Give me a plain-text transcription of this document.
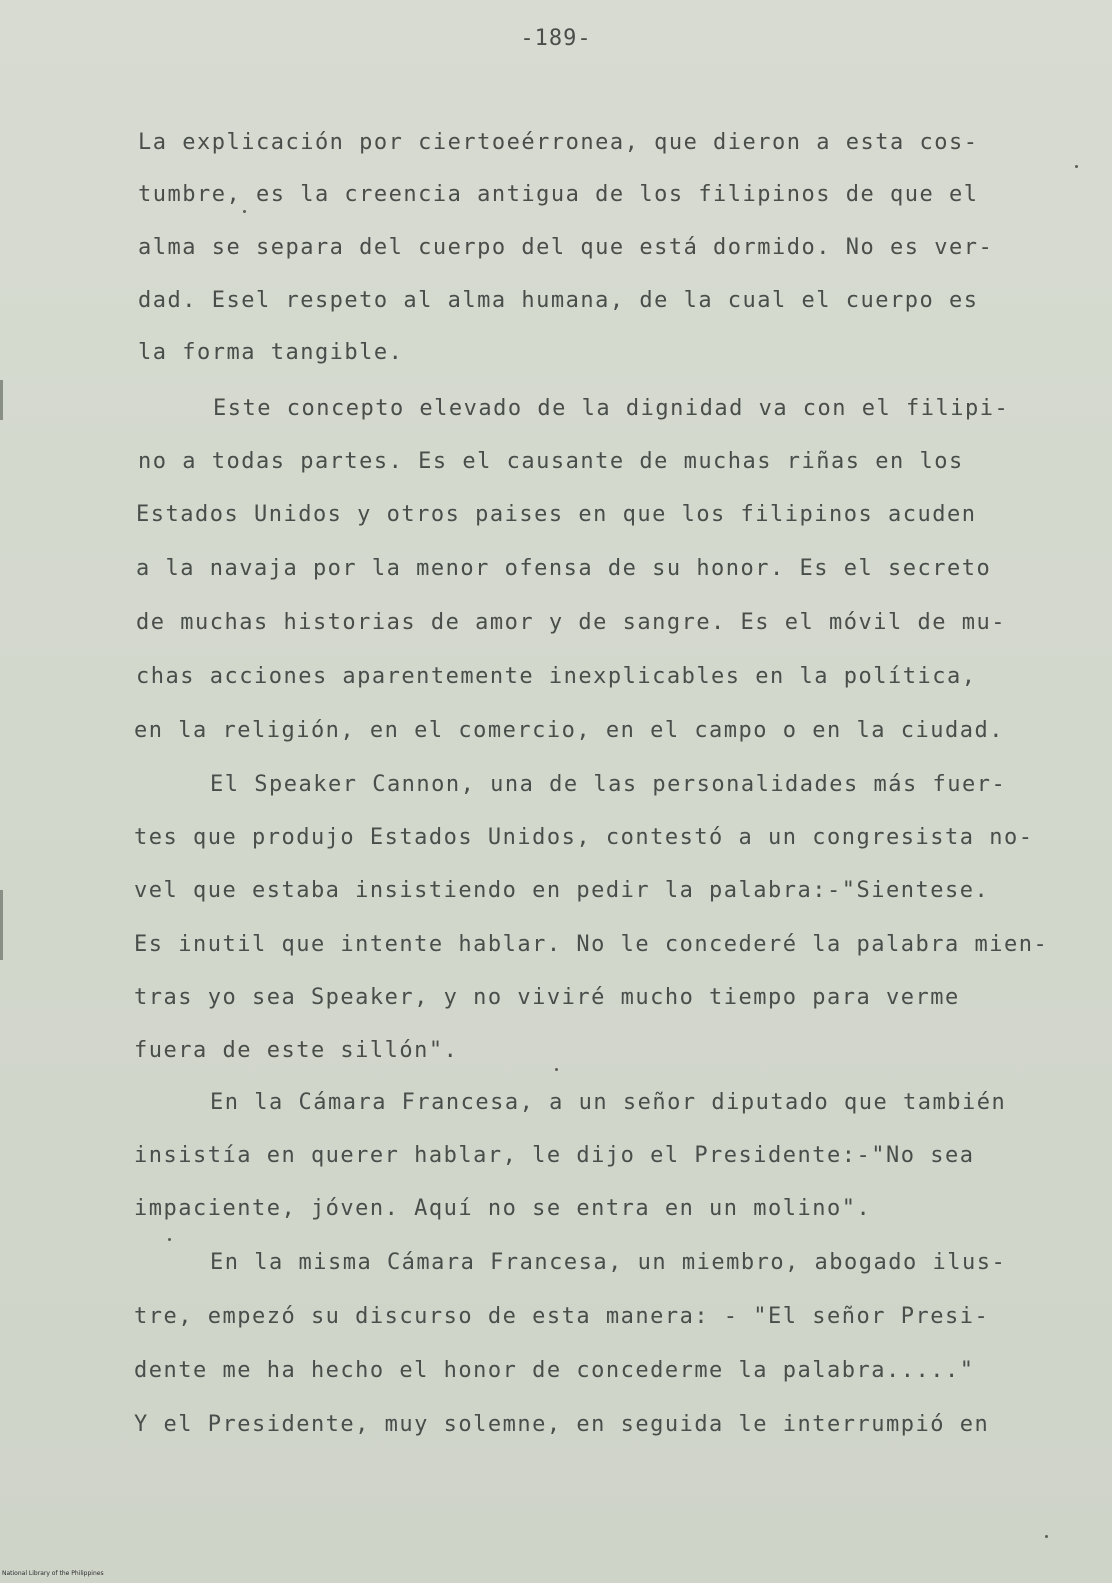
-189-
La explicación por ciertoeérronea, que dieron a esta cos-
tumbre, es la creencia antigua de los filipinos de que el
alma se separa del cuerpo del que está dormido. No es ver-
dad. Esel respeto al alma humana, de la cual el cuerpo es
la forma tangible.
Este concepto elevado de la dignidad va con el filipi-
no a todas partes. Es el causante de muchas riñas en los
Estados Unidos y otros paises en que los filipinos acuden
a la navaja por la menor ofensa de su honor. Es el secreto
de muchas historias de amor y de sangre. Es el móvil de mu-
chas acciones aparentemente inexplicables en la política,
en la religión, en el comercio, en el campo o en la ciudad.
El Speaker Cannon, una de las personalidades más fuer-
tes que produjo Estados Unidos, contestó a un congresista no-
vel que estaba insistiendo en pedir la palabra:-"Sientese.
Es inutil que intente hablar. No le concederé la palabra mien-
tras yo sea Speaker, y no viviré mucho tiempo para verme
fuera de este sillón".
En la Cámara Francesa, a un señor diputado que también
insistía en querer hablar, le dijo el Presidente:-"No sea
impaciente, jóven. Aquí no se entra en un molino".
En la misma Cámara Francesa, un miembro, abogado ilus-
tre, empezó su discurso de esta manera: - "El señor Presi-
dente me ha hecho el honor de concederme la palabra....."
Y el Presidente, muy solemne, en seguida le interrumpió en
National Library of the Philippines
